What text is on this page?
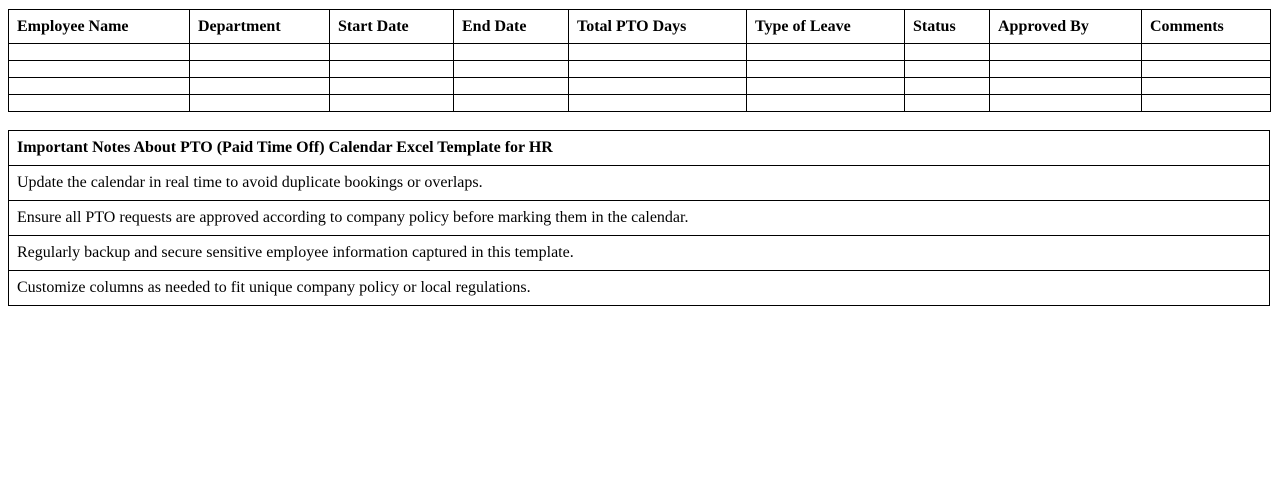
Employee Name	Department	Start Date	End Date	Total PTO Days	Type of Leave	Status	Approved By	Comments

Important Notes About PTO (Paid Time Off) Calendar Excel Template for HR
Update the calendar in real time to avoid duplicate bookings or overlaps.
Ensure all PTO requests are approved according to company policy before marking them in the calendar.
Regularly backup and secure sensitive employee information captured in this template.
Customize columns as needed to fit unique company policy or local regulations.
